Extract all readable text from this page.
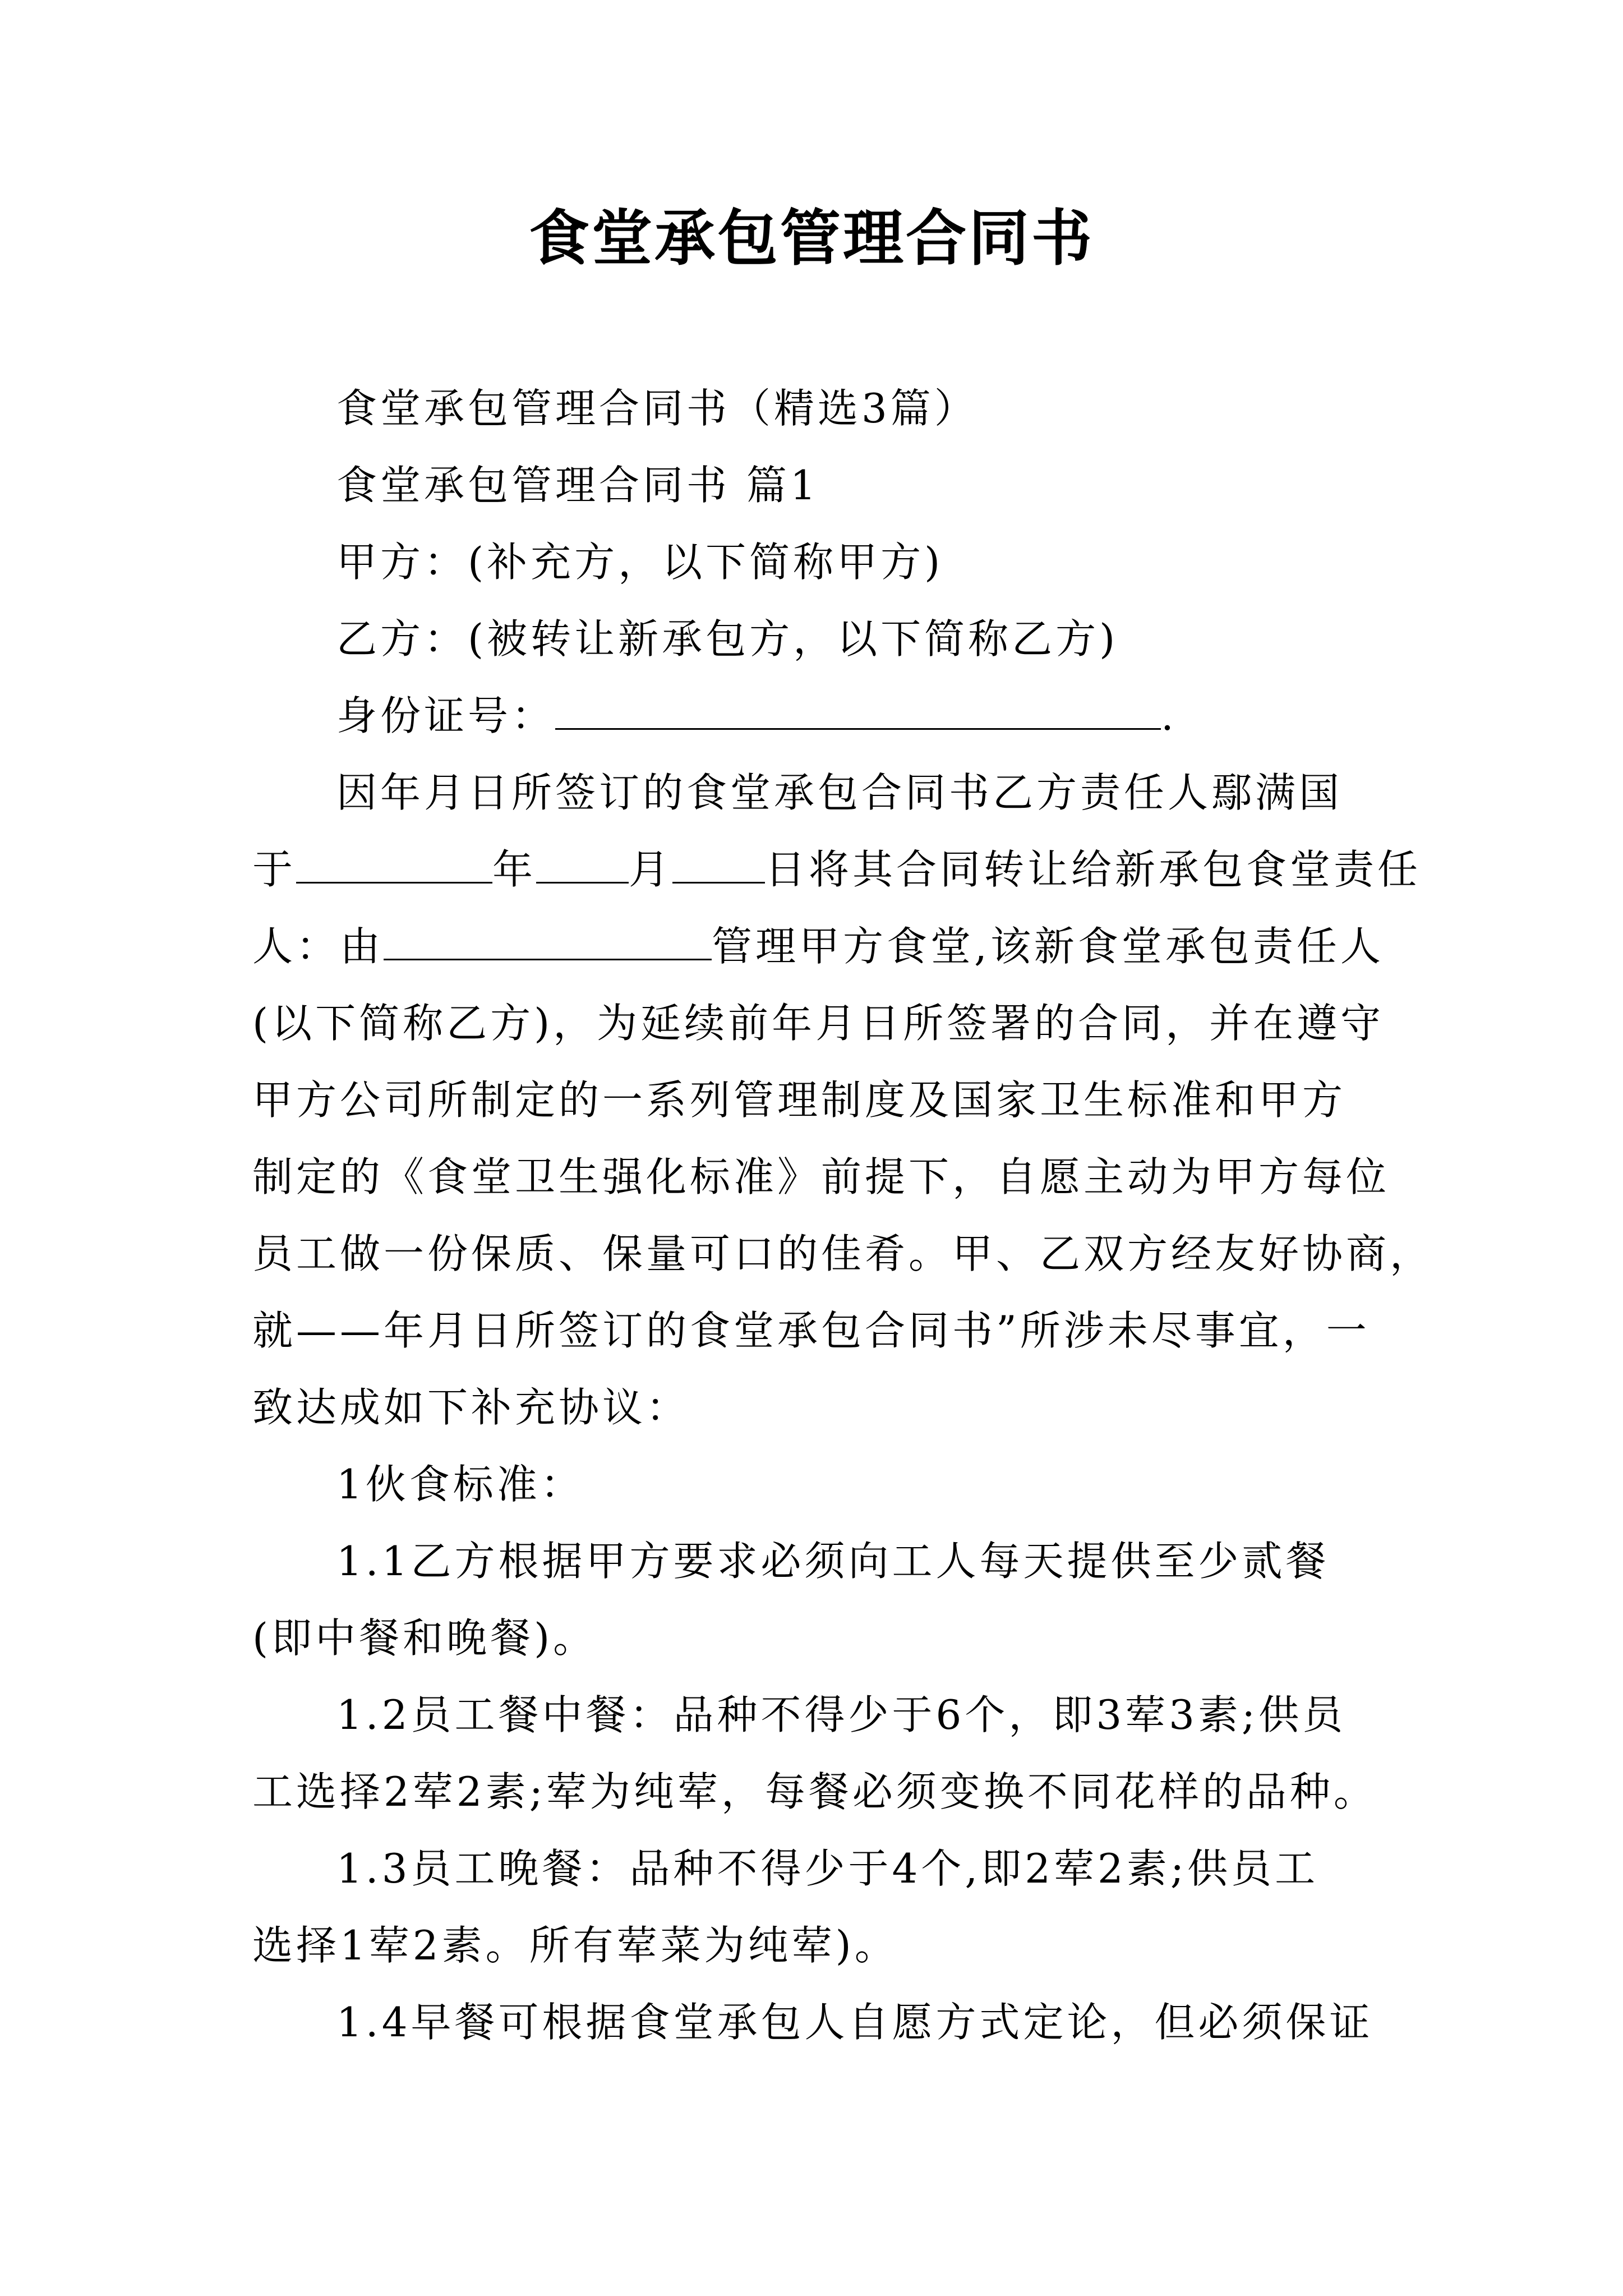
食堂承包管理合同书

食堂承包管理合同书（精选3篇）

食堂承包管理合同书 篇1

甲方：(补充方，以下简称甲方)

乙方：(被转让新承包方，以下简称乙方)

身份证号：	.

因年月日所签订的食堂承包合同书乙方责任人鄢满国

于	年 月 日将其合同转让给新承包食堂责任

人：由	管理甲方食堂,该新食堂承包责任人

(以下简称乙方)，为延续前年月日所签署的合同，并在遵守

甲方公司所制定的一系列管理制度及国家卫生标准和甲方

制定的《食堂卫生强化标准》前提下，自愿主动为甲方每位

员工做一份保质、保量可口的佳肴。甲、乙双方经友好协商，

就——年月日所签订的食堂承包合同书”所涉未尽事宜，一

致达成如下补充协议：

1伙食标准：

1.1乙方根据甲方要求必须向工人每天提供至少贰餐

(即中餐和晚餐)。

1.2员工餐中餐：品种不得少于6个，即3荤3素;供员

工选择2荤2素;荤为纯荤，每餐必须变换不同花样的品种。

1.3员工晚餐：品种不得少于4个,即2荤2素;供员工

选择1荤2素。所有荤菜为纯荤)。

1.4早餐可根据食堂承包人自愿方式定论，但必须保证
